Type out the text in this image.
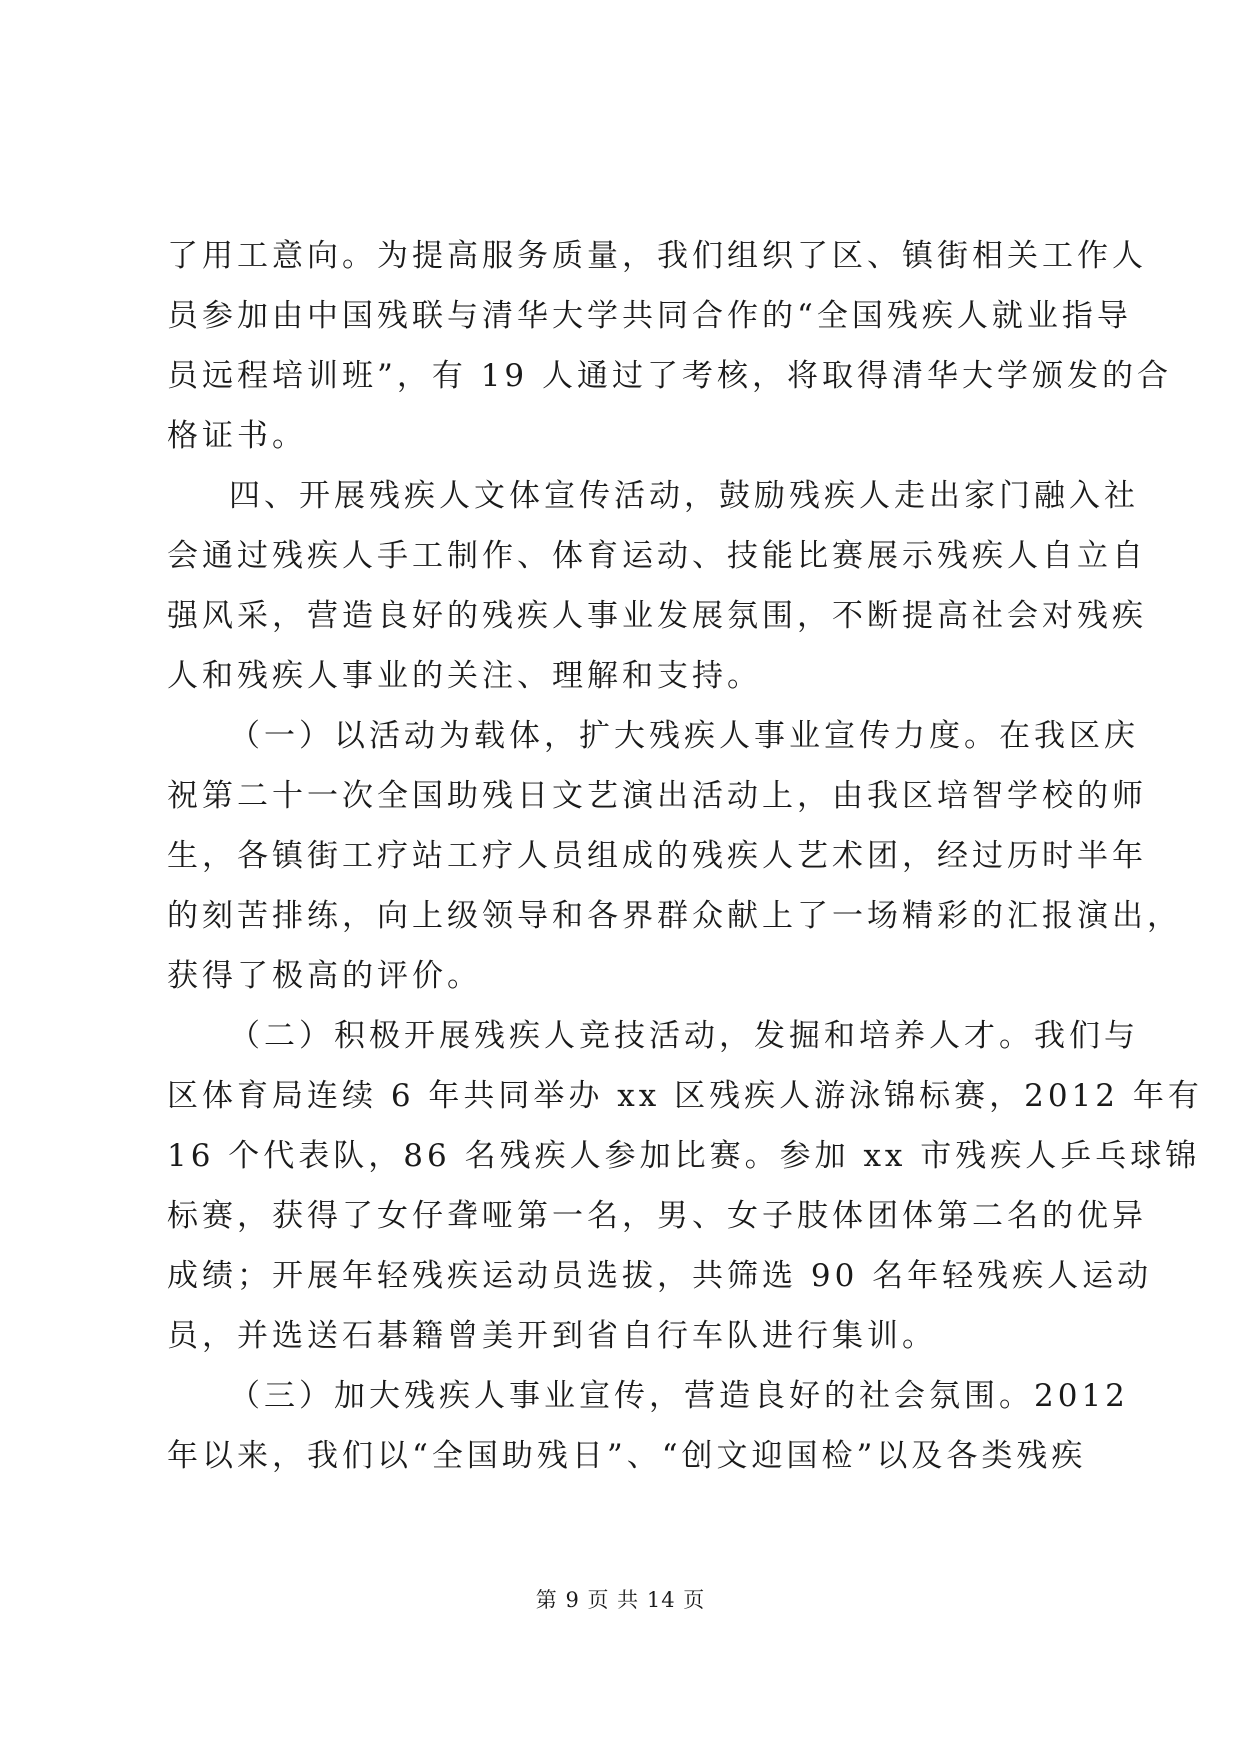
了用工意向。为提高服务质量，我们组织了区、镇街相关工作人
员参加由中国残联与清华大学共同合作的“全国残疾人就业指导
员远程培训班”，有 19 人通过了考核，将取得清华大学颁发的合
格证书。
四、开展残疾人文体宣传活动，鼓励残疾人走出家门融入社
会通过残疾人手工制作、体育运动、技能比赛展示残疾人自立自
强风采，营造良好的残疾人事业发展氛围，不断提高社会对残疾
人和残疾人事业的关注、理解和支持。
（一）以活动为载体，扩大残疾人事业宣传力度。在我区庆
祝第二十一次全国助残日文艺演出活动上，由我区培智学校的师
生，各镇街工疗站工疗人员组成的残疾人艺术团，经过历时半年
的刻苦排练，向上级领导和各界群众献上了一场精彩的汇报演出，
获得了极高的评价。
（二）积极开展残疾人竞技活动，发掘和培养人才。我们与
区体育局连续 6 年共同举办 xx 区残疾人游泳锦标赛，2012 年有
16 个代表队，86 名残疾人参加比赛。参加 xx 市残疾人乒乓球锦
标赛，获得了女仔聋哑第一名，男、女子肢体团体第二名的优异
成绩；开展年轻残疾运动员选拔，共筛选 90 名年轻残疾人运动
员，并选送石碁籍曾美开到省自行车队进行集训。
（三）加大残疾人事业宣传，营造良好的社会氛围。2012
年以来，我们以“全国助残日”、“创文迎国检”以及各类残疾
第 9 页 共 14 页
